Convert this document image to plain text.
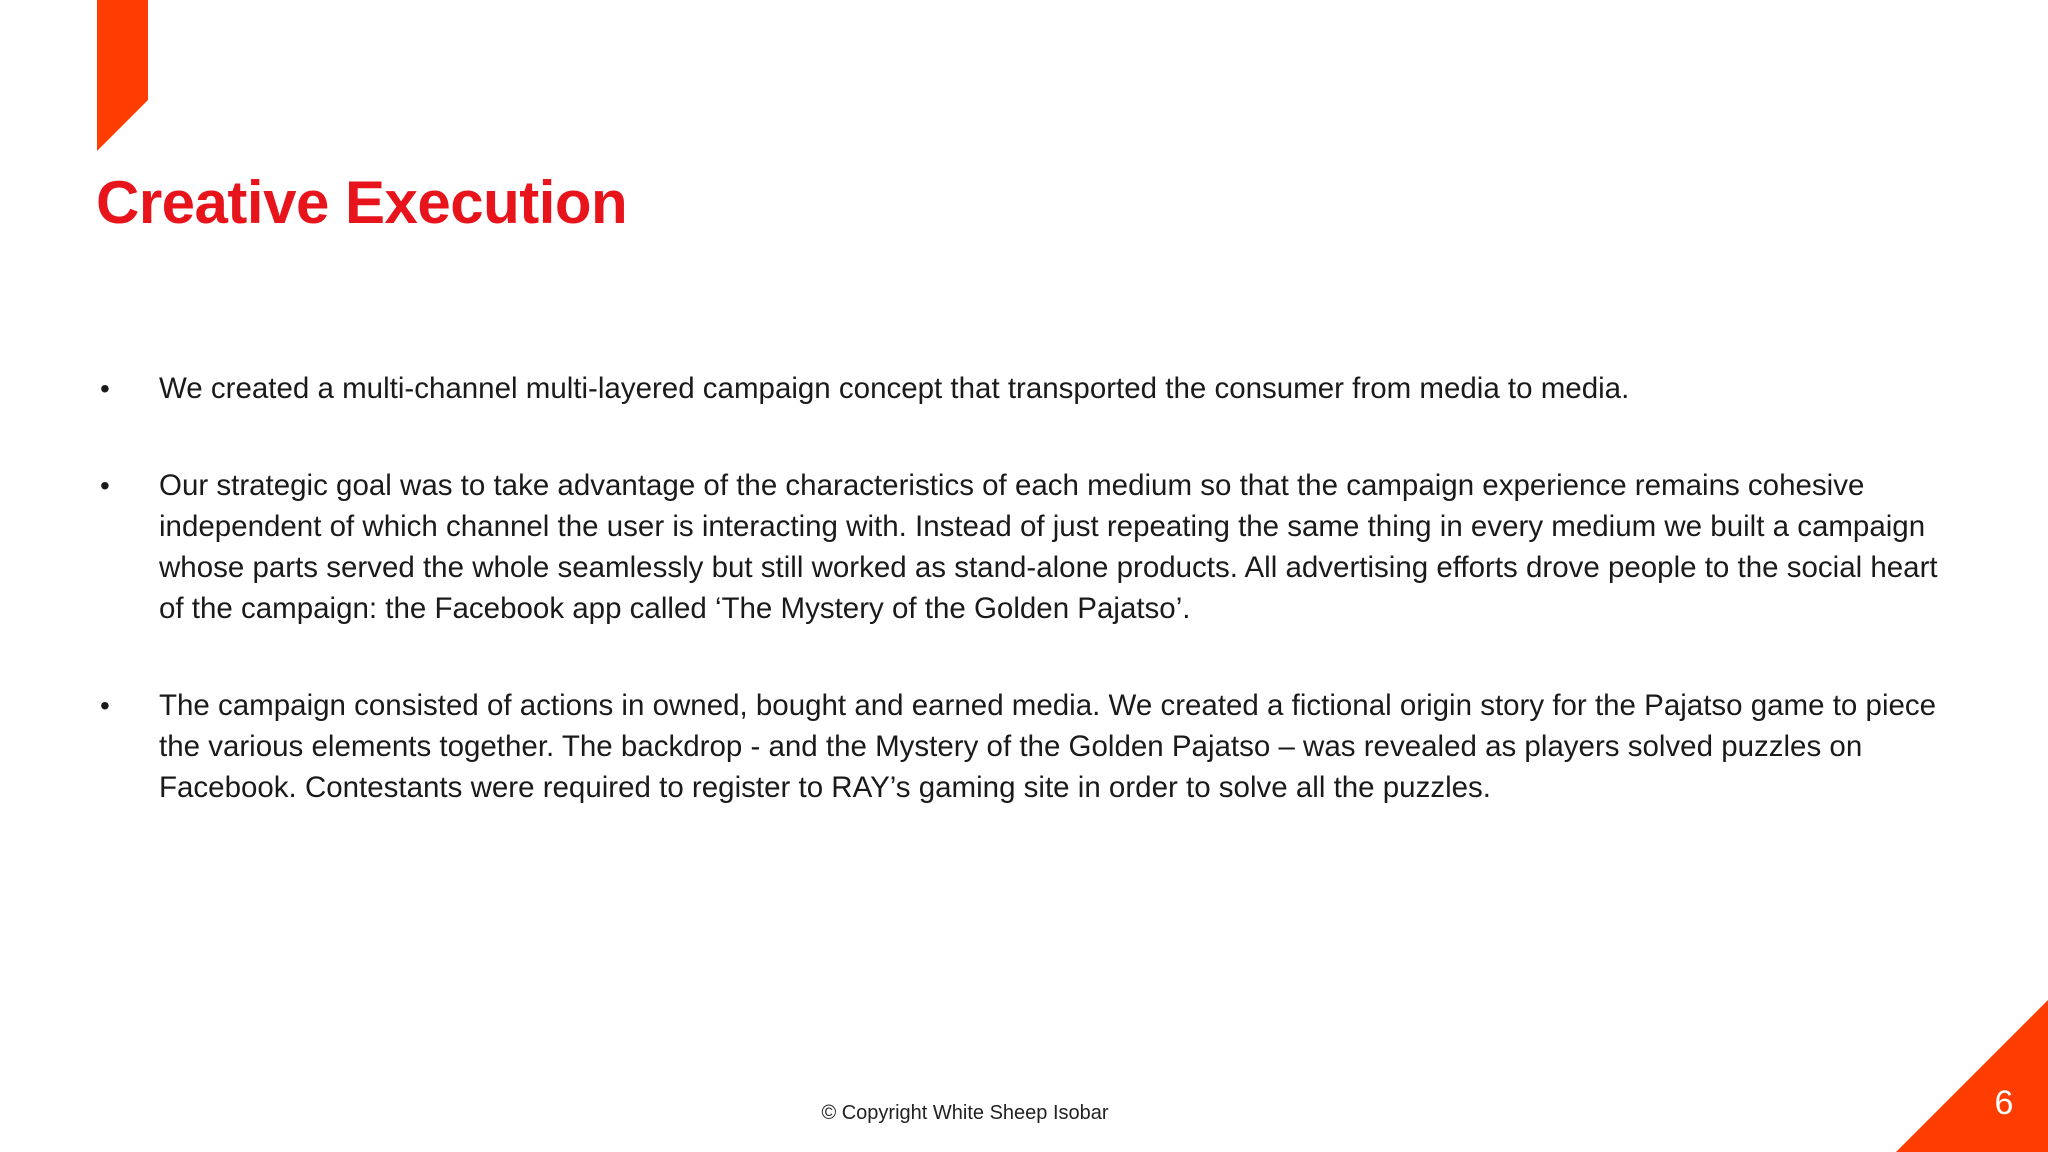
Creative Execution
• We created a multi-channel multi-layered campaign concept that transported the consumer from media to media.
• Our strategic goal was to take advantage of the characteristics of each medium so that the campaign experience remains cohesive independent of which channel the user is interacting with. Instead of just repeating the same thing in every medium we built a campaign whose parts served the whole seamlessly but still worked as stand-alone products. All advertising efforts drove people to the social heart of the campaign: the Facebook app called ‘The Mystery of the Golden Pajatso’.
• The campaign consisted of actions in owned, bought and earned media. We created a fictional origin story for the Pajatso game to piece the various elements together. The backdrop - and the Mystery of the Golden Pajatso – was revealed as players solved puzzles on Facebook. Contestants were required to register to RAY’s gaming site in order to solve all the puzzles.
© Copyright White Sheep Isobar	6
